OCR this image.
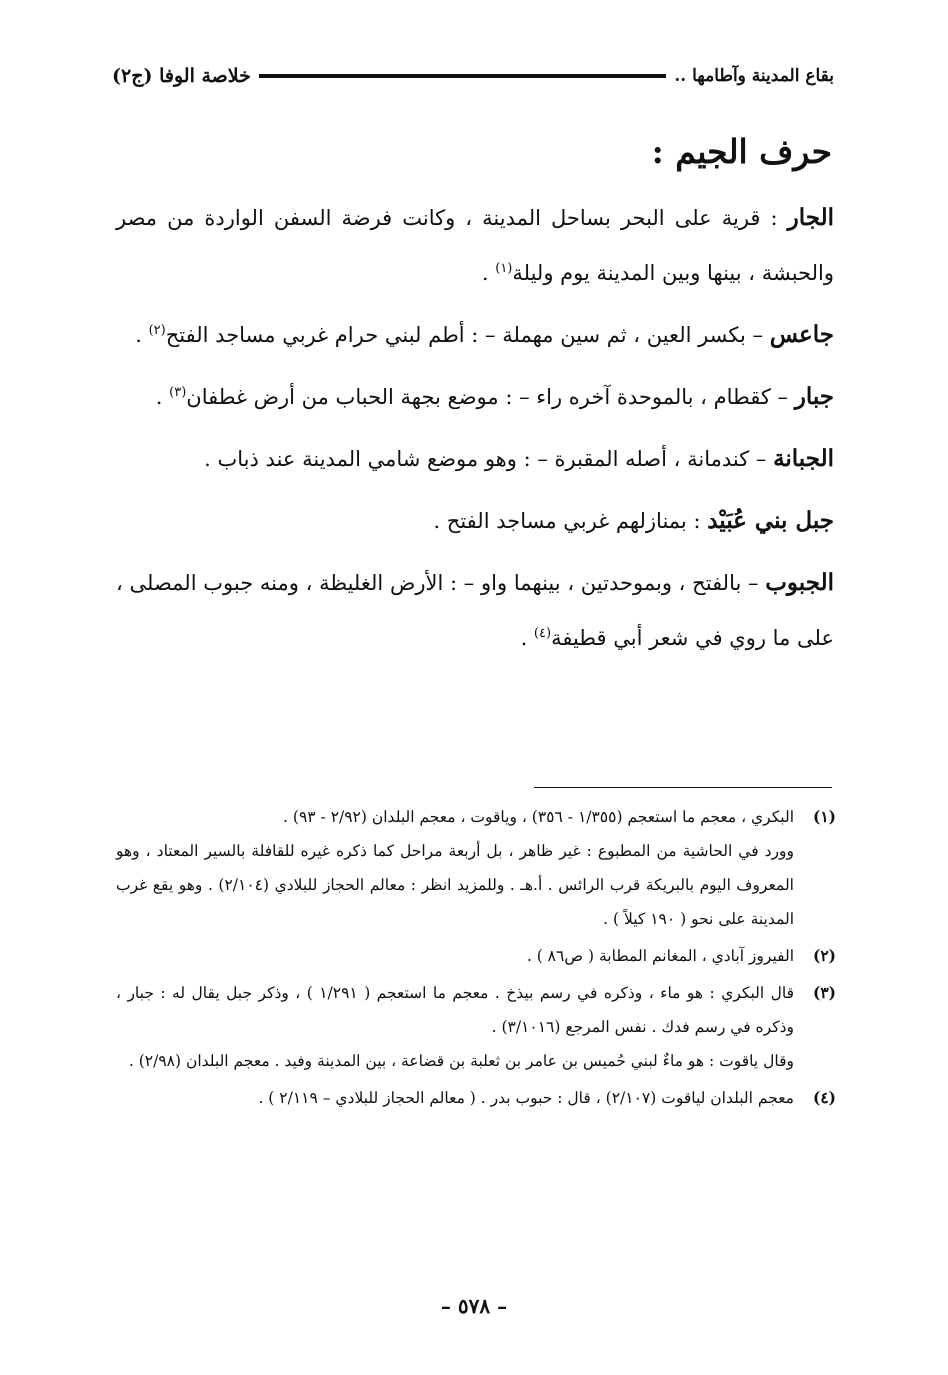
خلاصة الوفا (ج٢)	بقاع المدينة وآطامها ..
حرف الجيم :

الجار : قرية على البحر بساحل المدينة ، وكانت فرضة السفن الواردة من مصر والحبشة ، بينها وبين المدينة يوم وليلة$^{(١)}$ .

جاعس – بكسر العين ، ثم سين مهملة – : أطم لبني حرام غربي مساجد الفتح$^{(٢)}$ .

جبار – كقطام ، بالموحدة آخره راء – : موضع بجهة الحباب من أرض غطفان$^{(٣)}$ .

الجبانة – كندمانة ، أصله المقبرة – : وهو موضع شامي المدينة عند ذباب .

جبل بني عُبَيْد : بمنازلهم غربي مساجد الفتح .

الجبوب – بالفتح ، وبموحدتين ، بينهما واو – : الأرض الغليظة ، ومنه جبوب المصلى ، على ما روي في شعر أبي قطيفة$^{(٤)}$ .

(١)

البكري ، معجم ما استعجم (١/٣٥٥ - ٣٥٦) ، وياقوت ، معجم البلدان (٢/٩٢ - ٩٣) .

وورد في الحاشية من المطبوع : غير ظاهر ، بل أربعة مراحل كما ذكره غيره للقافلة بالسير المعتاد ، وهو المعروف اليوم بالبريكة قرب الرائس . أ.هـ . وللمزيد انظر : معالم الحجاز للبلادي (٢/١٠٤) . وهو يقع غرب المدينة على نحو ( ١٩٠ كيلاً ) .

(٢)

الفيروز آبادي ، المغانم المطابة ( ص٨٦ ) .

(٣)

قال البكري : هو ماء ، وذكره في رسم بيذخ . معجم ما استعجم ( ١/٢٩١ ) ، وذكر جبل يقال له : جبار ، وذكره في رسم فدك . نفس المرجع (٣/١٠١٦) .

وقال ياقوت : هو ماءٌ لبني حُميس بن عامر بن ثعلبة بن قضاعة ، بين المدينة وفيد . معجم البلدان (٢/٩٨) .

(٤)

معجم البلدان لياقوت (٢/١٠٧) ، قال : حبوب بدر . ( معالم الحجاز للبلادي – ٢/١١٩ ) .

– ٥٧٨ –
